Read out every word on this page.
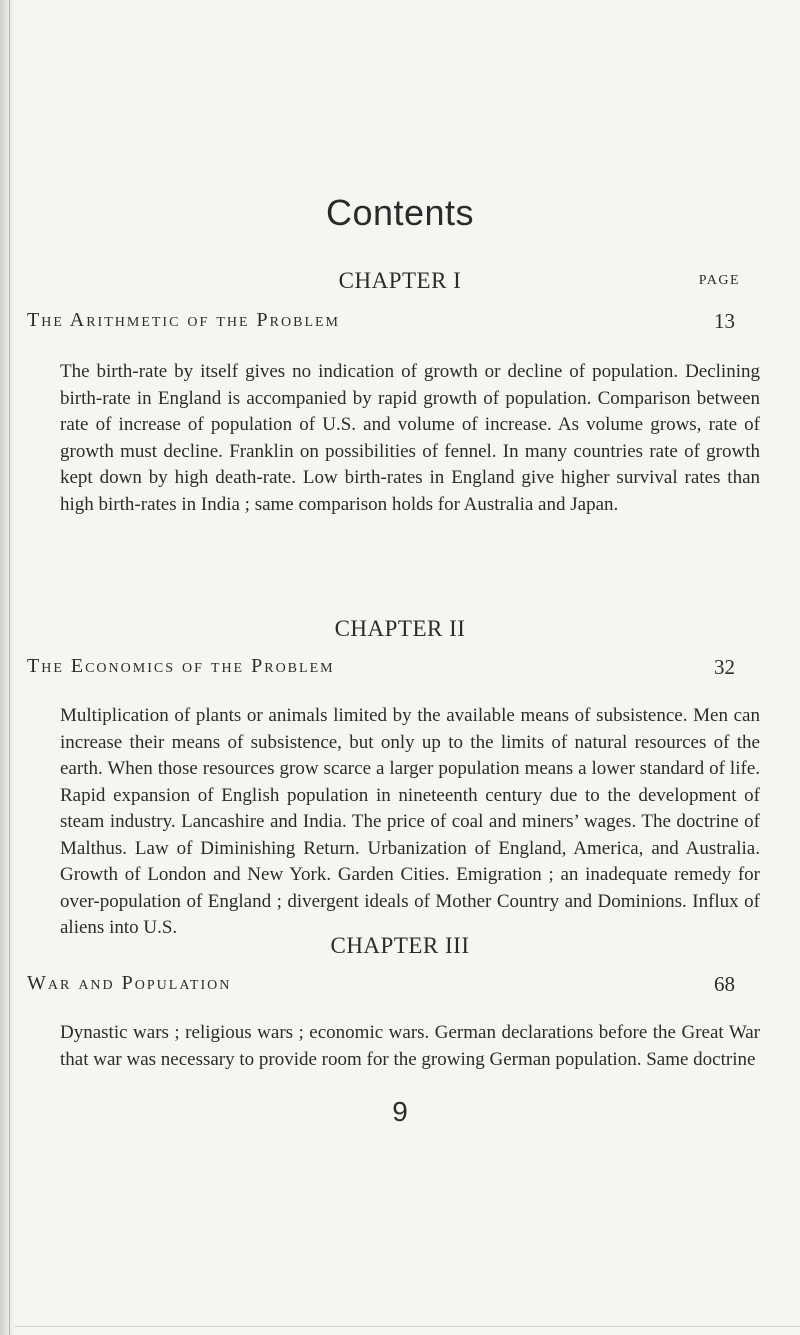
Contents
CHAPTER I	PAGE
The Arithmetic of the Problem	13
The birth-rate by itself gives no indication of growth or decline of population. Declining birth-rate in England is accompanied by rapid growth of population. Comparison between rate of increase of population of U.S. and volume of increase. As volume grows, rate of growth must decline. Franklin on possibilities of fennel. In many countries rate of growth kept down by high death-rate. Low birth-rates in England give higher survival rates than high birth-rates in India ; same comparison holds for Australia and Japan.
CHAPTER II
The Economics of the Problem	32
Multiplication of plants or animals limited by the available means of subsistence. Men can increase their means of subsistence, but only up to the limits of natural resources of the earth. When those resources grow scarce a larger population means a lower standard of life. Rapid expansion of English population in nineteenth century due to the development of steam industry. Lancashire and India. The price of coal and miners’ wages. The doctrine of Malthus. Law of Diminishing Return. Urbanization of England, America, and Australia. Growth of London and New York. Garden Cities. Emigration ; an inadequate remedy for over-population of England ; divergent ideals of Mother Country and Dominions. Influx of aliens into U.S.
CHAPTER III
War and Population	68
Dynastic wars ; religious wars ; economic wars. German declarations before the Great War that war was necessary to provide room for the growing German population. Same doctrine
9
